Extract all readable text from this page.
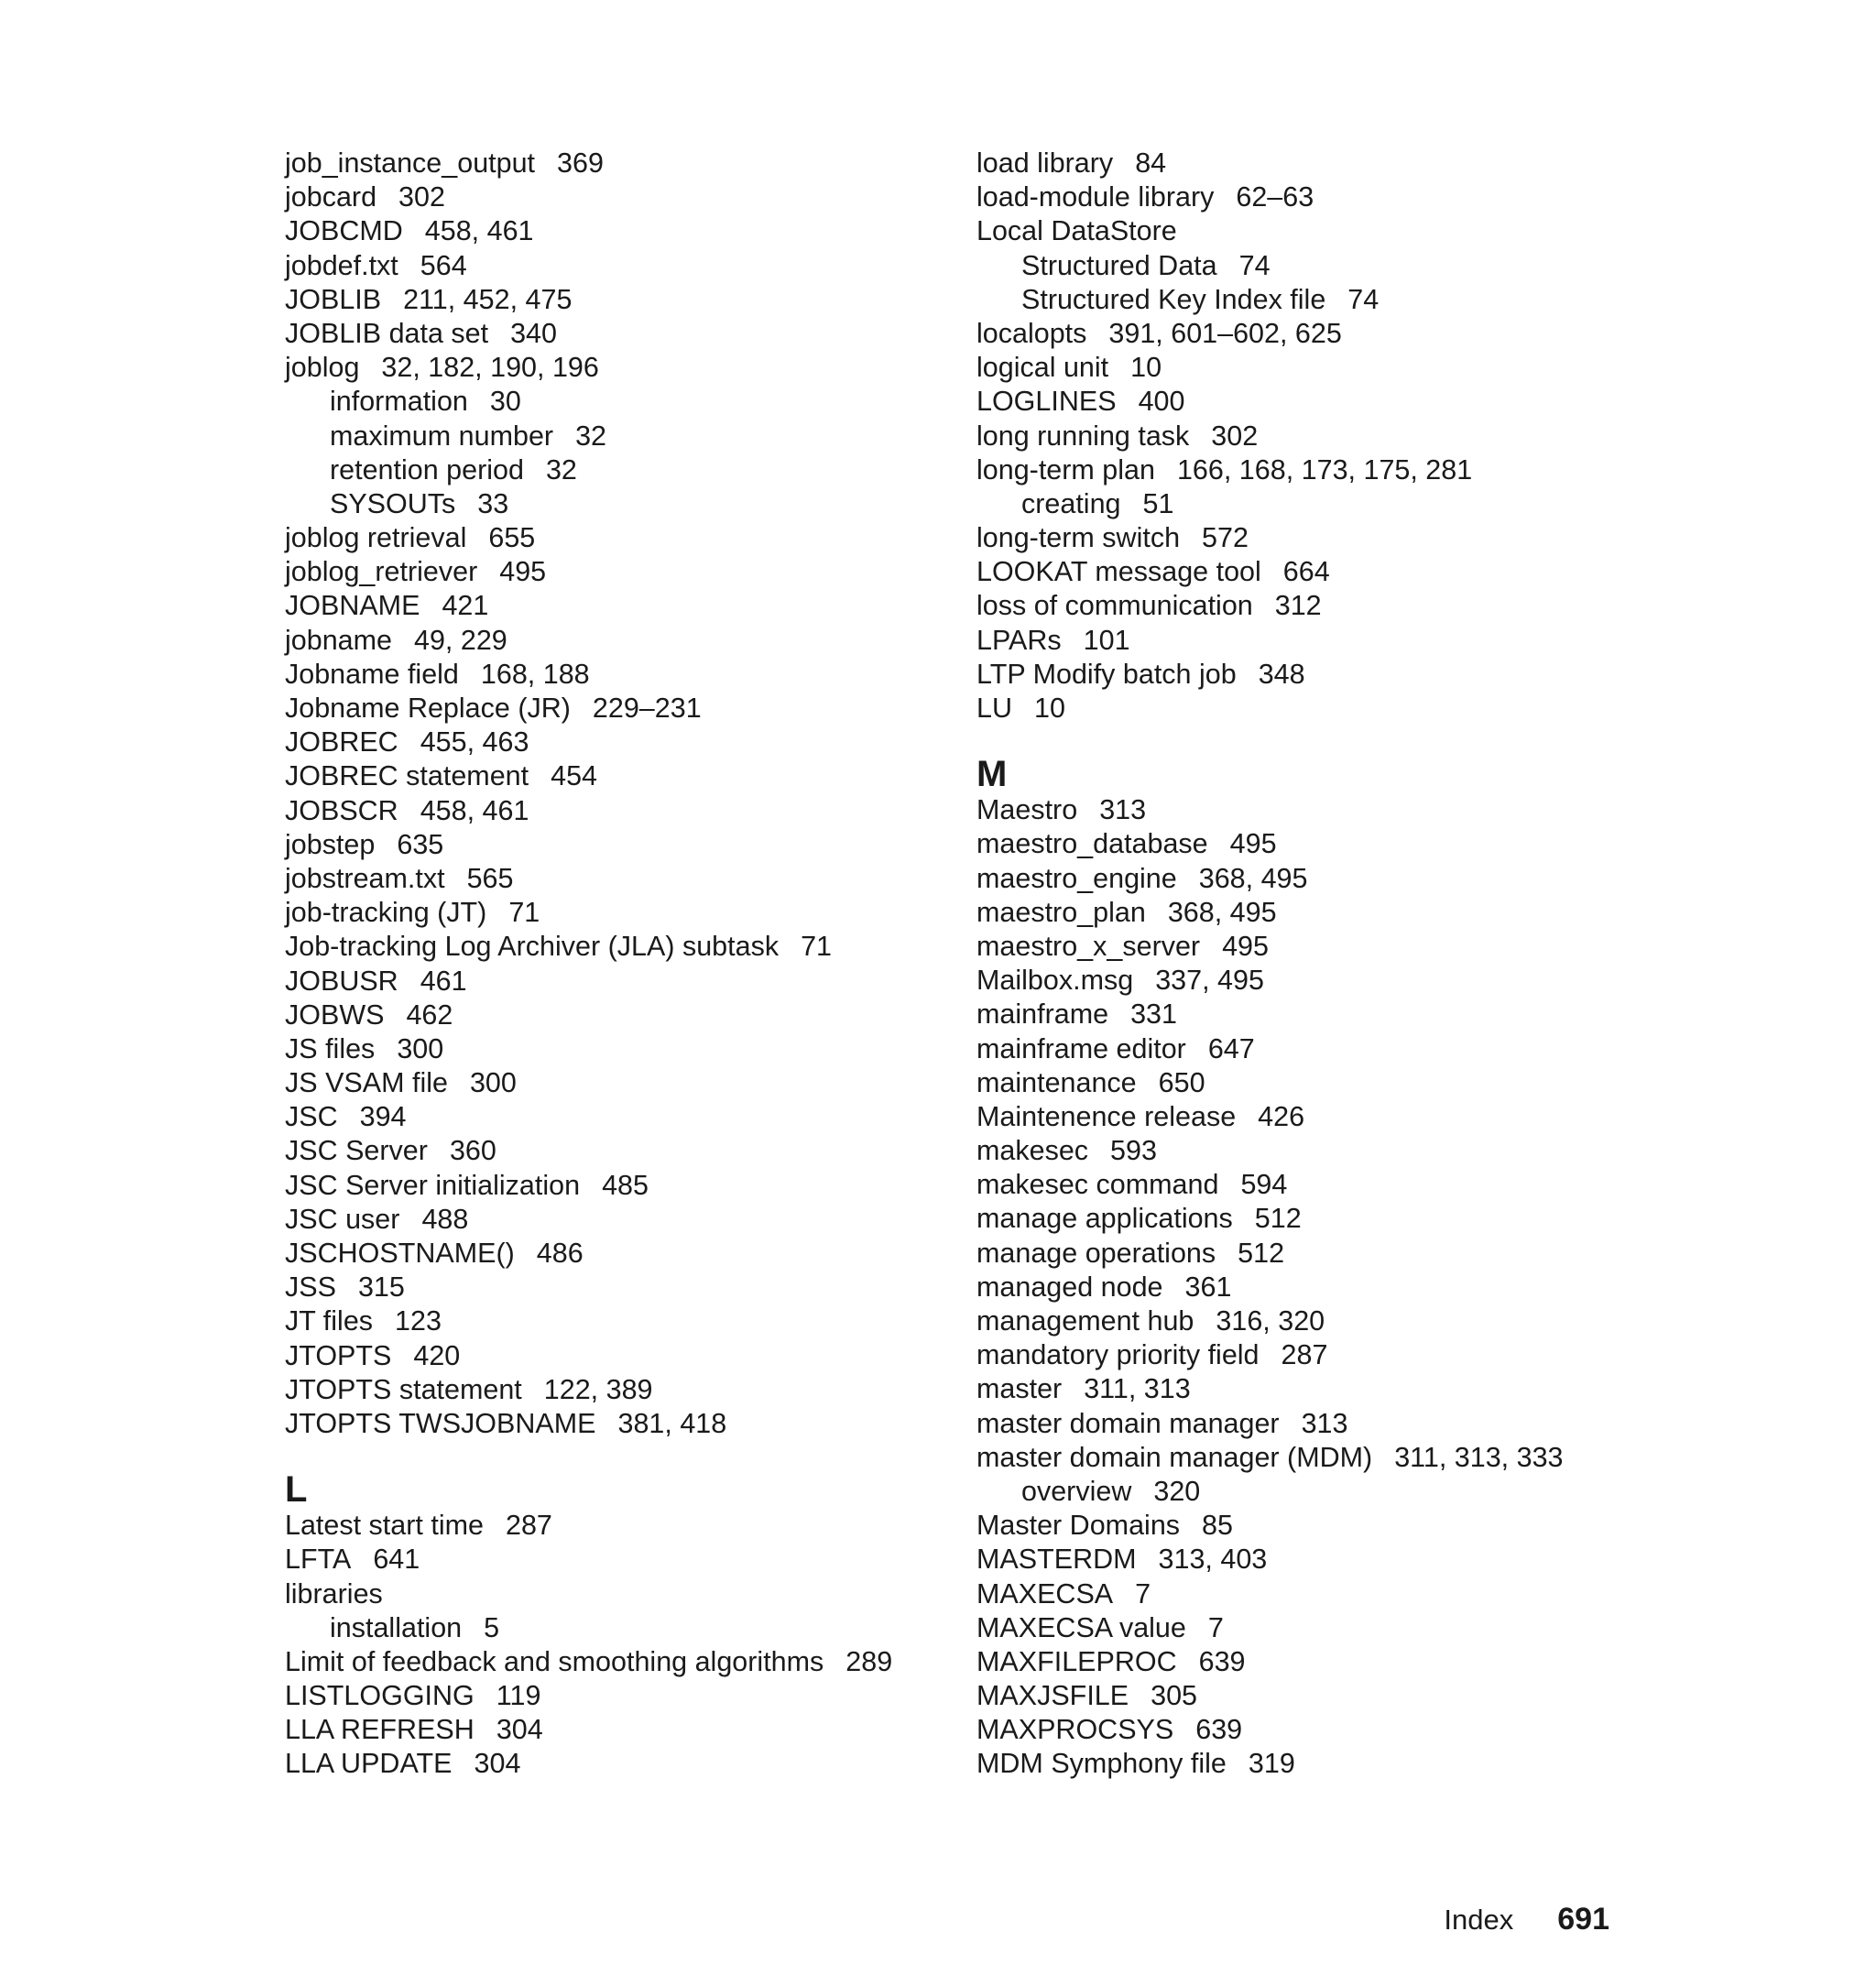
job_instance_output 369
jobcard 302
JOBCMD 458, 461
jobdef.txt 564
JOBLIB 211, 452, 475
JOBLIB data set 340
joblog 32, 182, 190, 196
information 30
maximum number 32
retention period 32
SYSOUTs 33
joblog retrieval 655
joblog_retriever 495
JOBNAME 421
jobname 49, 229
Jobname field 168, 188
Jobname Replace (JR) 229–231
JOBREC 455, 463
JOBREC statement 454
JOBSCR 458, 461
jobstep 635
jobstream.txt 565
job-tracking (JT) 71
Job-tracking Log Archiver (JLA) subtask 71
JOBUSR 461
JOBWS 462
JS files 300
JS VSAM file 300
JSC 394
JSC Server 360
JSC Server initialization 485
JSC user 488
JSCHOSTNAME() 486
JSS 315
JT files 123
JTOPTS 420
JTOPTS statement 122, 389
JTOPTS TWSJOBNAME 381, 418
L
Latest start time 287
LFTA 641
libraries
installation 5
Limit of feedback and smoothing algorithms 289
LISTLOGGING 119
LLA REFRESH 304
LLA UPDATE 304
load library 84
load-module library 62–63
Local DataStore
Structured Data 74
Structured Key Index file 74
localopts 391, 601–602, 625
logical unit 10
LOGLINES 400
long running task 302
long-term plan 166, 168, 173, 175, 281
creating 51
long-term switch 572
LOOKAT message tool 664
loss of communication 312
LPARs 101
LTP Modify batch job 348
LU 10
M
Maestro 313
maestro_database 495
maestro_engine 368, 495
maestro_plan 368, 495
maestro_x_server 495
Mailbox.msg 337, 495
mainframe 331
mainframe editor 647
maintenance 650
Maintenence release 426
makesec 593
makesec command 594
manage applications 512
manage operations 512
managed node 361
management hub 316, 320
mandatory priority field 287
master 311, 313
master domain manager 313
master domain manager (MDM) 311, 313, 333
overview 320
Master Domains 85
MASTERDM 313, 403
MAXECSA 7
MAXECSA value 7
MAXFILEPROC 639
MAXJSFILE 305
MAXPROCSYS 639
MDM Symphony file 319
Index 691
